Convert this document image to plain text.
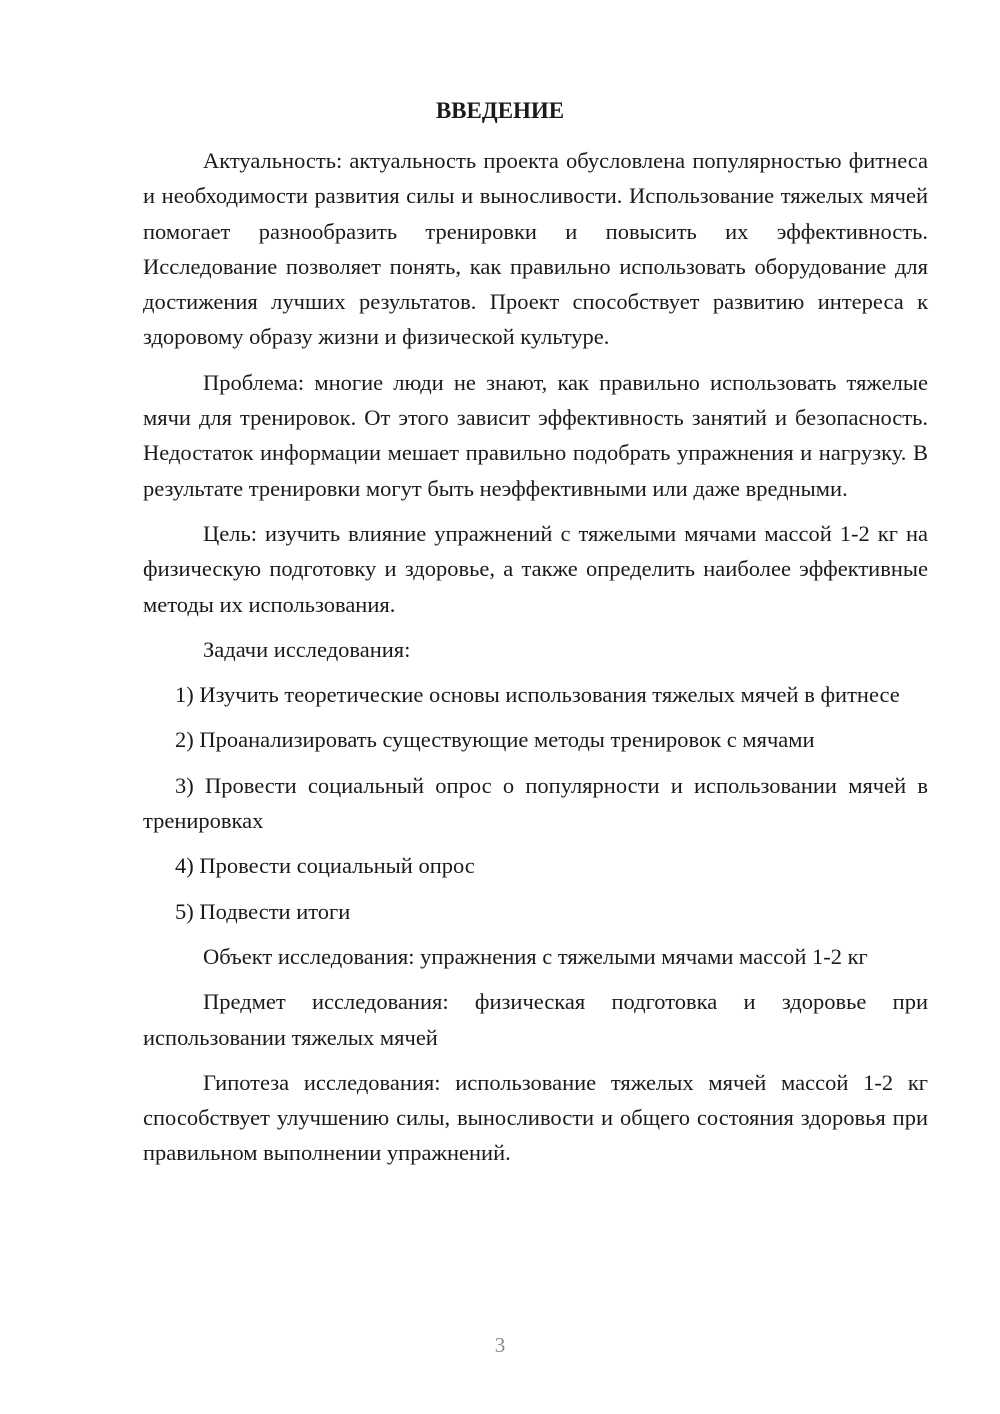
ВВЕДЕНИЕ

Актуальность: актуальность проекта обусловлена популярностью фитнеса и необходимости развития силы и выносливости. Использование тяжелых мячей помогает разнообразить тренировки и повысить их эффективность. Исследование позволяет понять, как правильно использовать оборудование для достижения лучших результатов. Проект способствует развитию интереса к здоровому образу жизни и физической культуре.

Проблема: многие люди не знают, как правильно использовать тяжелые мячи для тренировок. От этого зависит эффективность занятий и безопасность. Недостаток информации мешает правильно подобрать упражнения и нагрузку. В результате тренировки могут быть неэффективными или даже вредными.

Цель: изучить влияние упражнений с тяжелыми мячами массой 1-2 кг на физическую подготовку и здоровье, а также определить наиболее эффективные методы их использования.

Задачи исследования:

1) Изучить теоретические основы использования тяжелых мячей в фитнесе

2) Проанализировать существующие методы тренировок с мячами

3) Провести социальный опрос о популярности и использовании мячей в тренировках

4) Провести социальный опрос

5) Подвести итоги

Объект исследования: упражнения с тяжелыми мячами массой 1-2 кг

Предмет исследования: физическая подготовка и здоровье при использовании тяжелых мячей

Гипотеза исследования: использование тяжелых мячей массой 1-2 кг способствует улучшению силы, выносливости и общего состояния здоровья при правильном выполнении упражнений.

3
